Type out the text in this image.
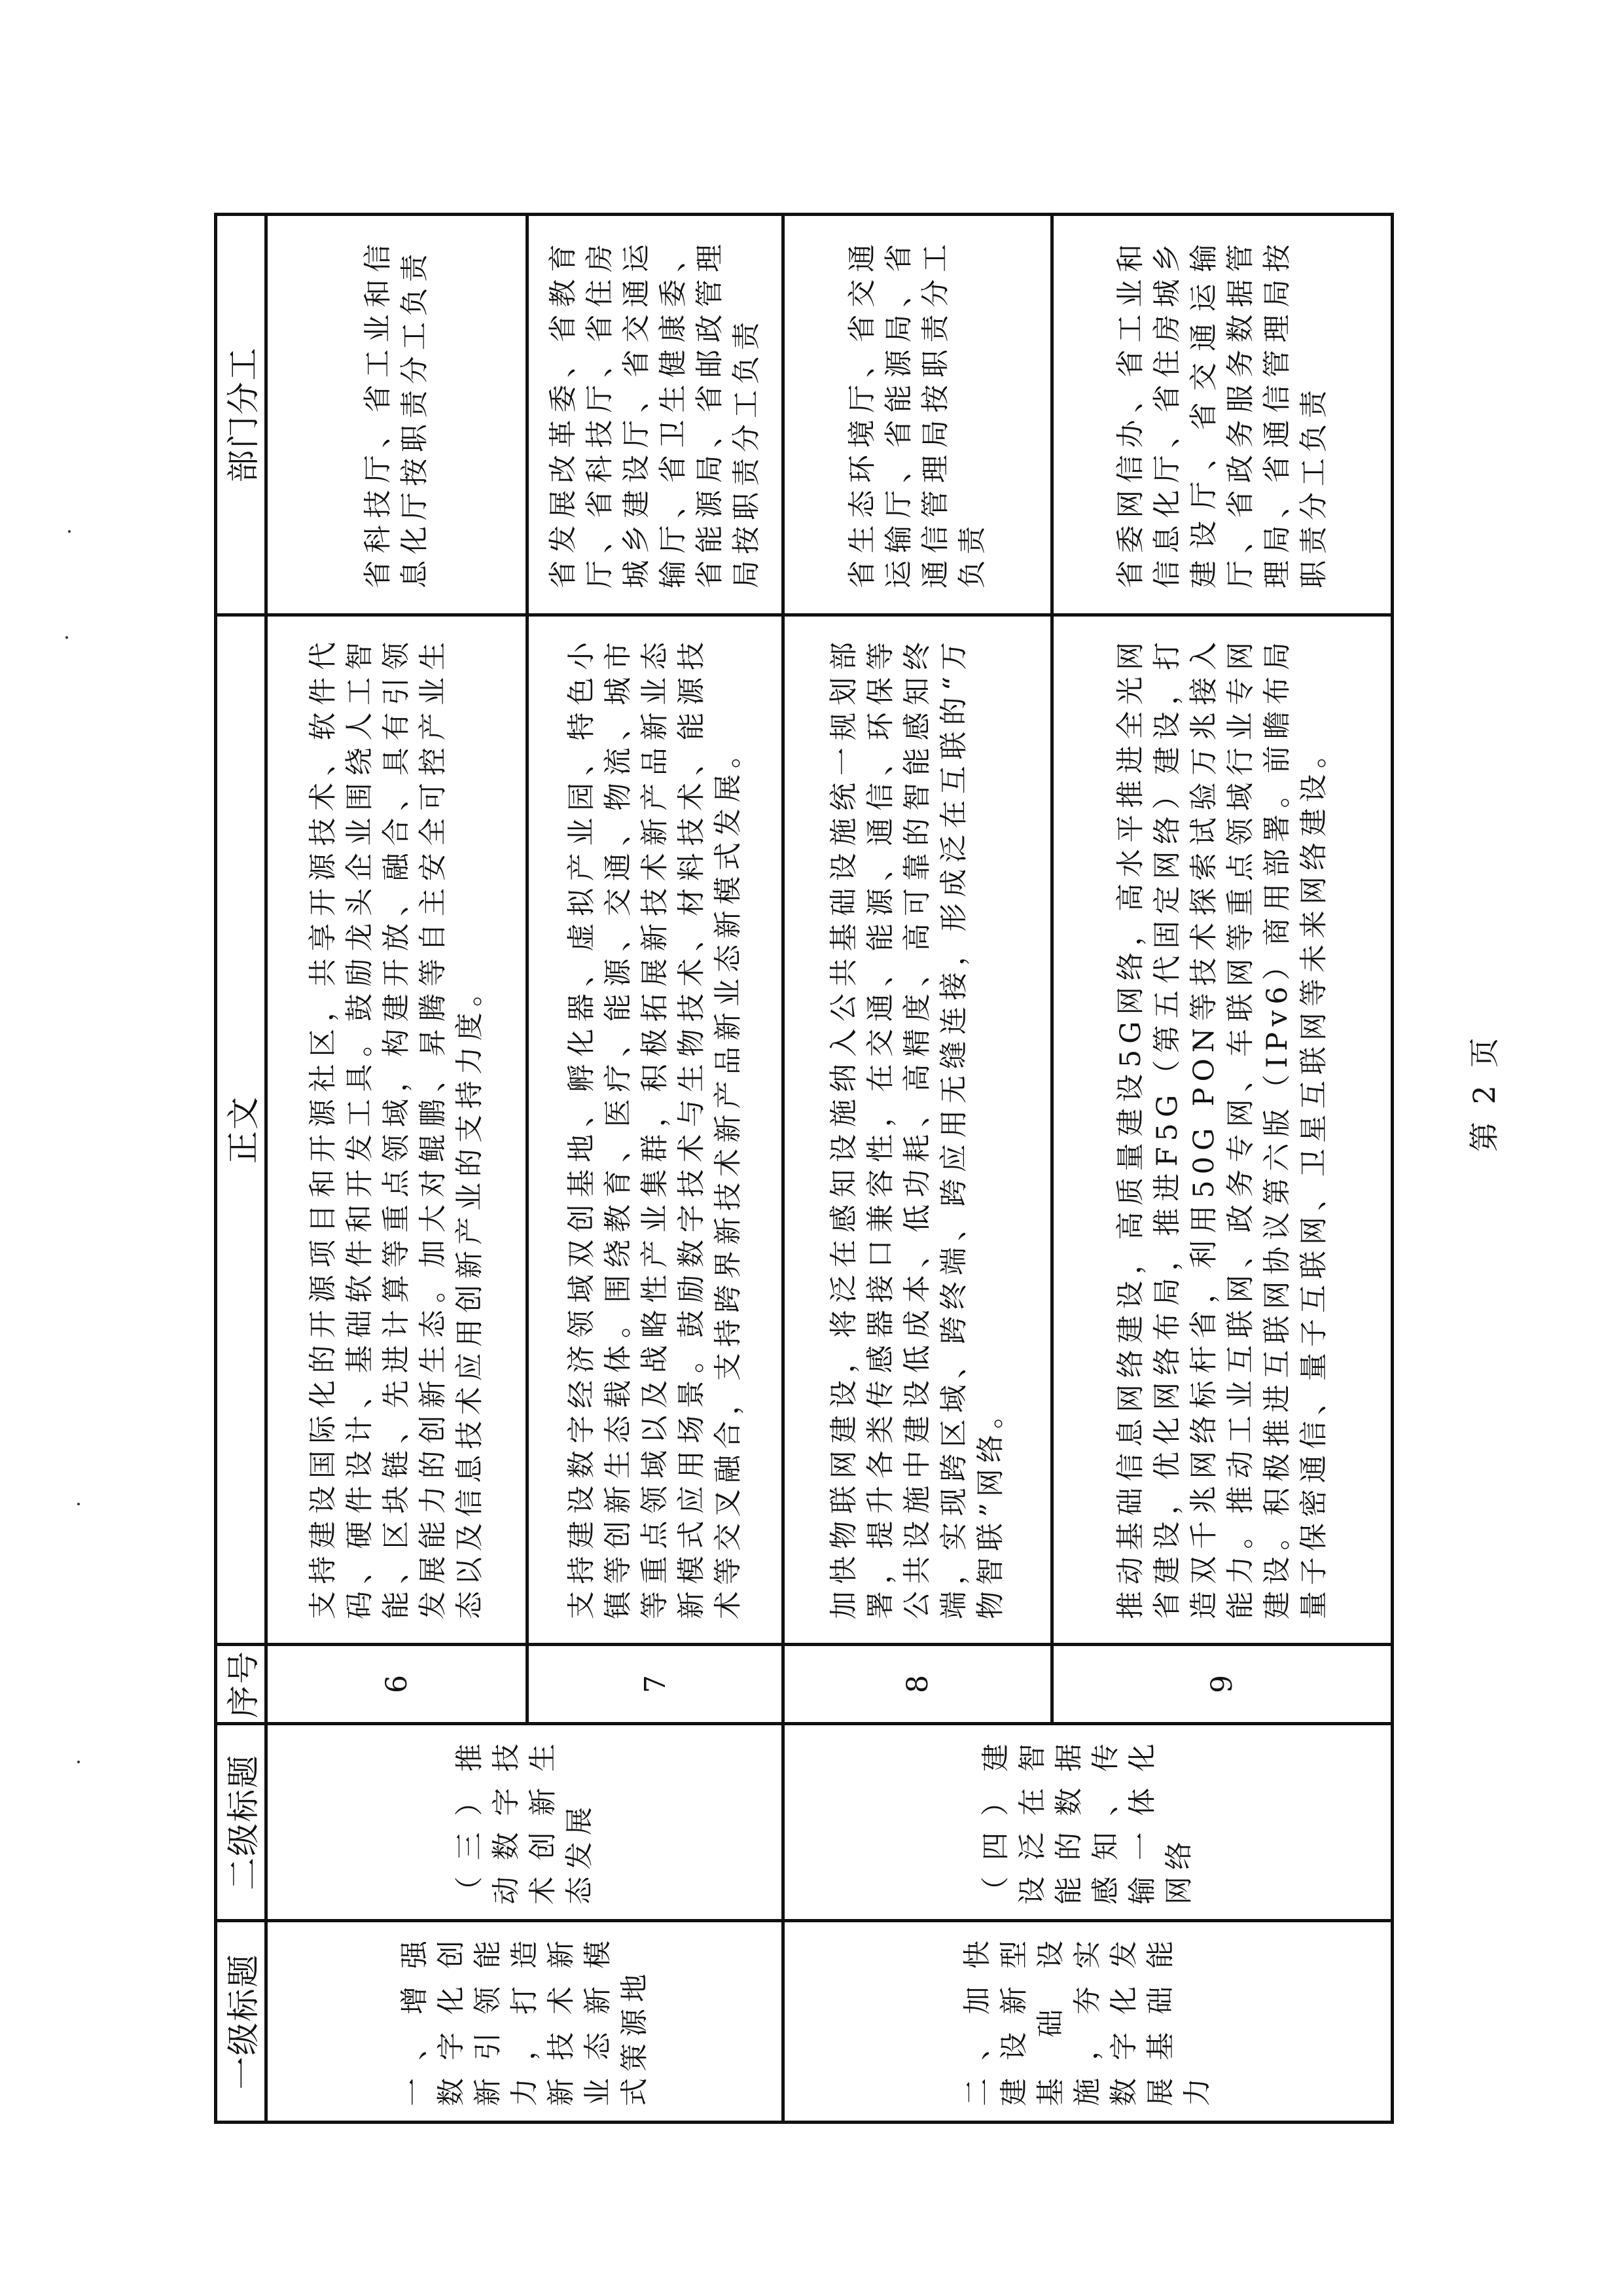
一级标题	二级标题	序号	正文	部门分工

一、增强数字化创新引领能力，打造新技术新业态新模式策源地	（三）推动数字技术创新生态发展	6	支持建设国际化的开源项目和开源社区，共享开源技术、软件代码、硬件设计、基础软件和开发工具。鼓励龙头企业围绕人工智能、区块链、先进计算等重点领域，构建开放、融合、具有引领发展能力的创新生态。加大对鲲鹏、昇腾等自主安全可控产业生态以及信息技术应用创新产业的支持力度。	省科技厅、省工业和信息化厅按职责分工负责

		7	支持建设数字经济领域双创基地、孵化器、虚拟产业园、特色小镇等创新生态载体。围绕教育、医疗、能源、交通、物流、城市等重点领域以及战略性产业集群，积极拓展新技术新产品新业态新模式应用场景。鼓励数字技术与生物技术、材料技术、能源技术等交叉融合，支持跨界新技术新产品新业态新模式发展。	省发展改革委、省教育厅、省科技厅、省住房城乡建设厅、省交通运输厅、省卫生健康委、省能源局、省邮政管理局按职责分工负责

二、加快建设新型基础设施，夯实数字化发展基础能力	（四）建设泛在智能的数据感知、传输一体化网络	8	加快物联网建设，将泛在感知设施纳入公共基础设施统一规划部署，提升各类传感器接口兼容性，在交通、能源、通信、环保等公共设施中建设低成本、低功耗、高精度、高可靠的智能感知终端，实现跨区域、跨终端、跨应用无缝连接，形成泛在互联的“万物智联”网络。	省生态环境厅、省交通运输厅、省能源局、省通信管理局按职责分工负责

		9	推动基础信息网络建设，高质量建设5G网络，高水平推进全光网省建设，优化网络布局，推进F5G（第五代固定网络）建设，打造双千兆网络标杆省，利用50G PON等技术探索试验万兆接入能力。推动工业互联网、政务专网、车联网等重点领域行业专网建设。积极推进互联网协议第六版（IPv6）商用部署。前瞻布局量子保密通信、量子互联网、卫星互联网等未来网络建设。	省委网信办、省工业和信息化厅、省住房城乡建设厅、省交通运输厅、省政务服务数据管理局、省通信管理局按职责分工负责
第 2 页
